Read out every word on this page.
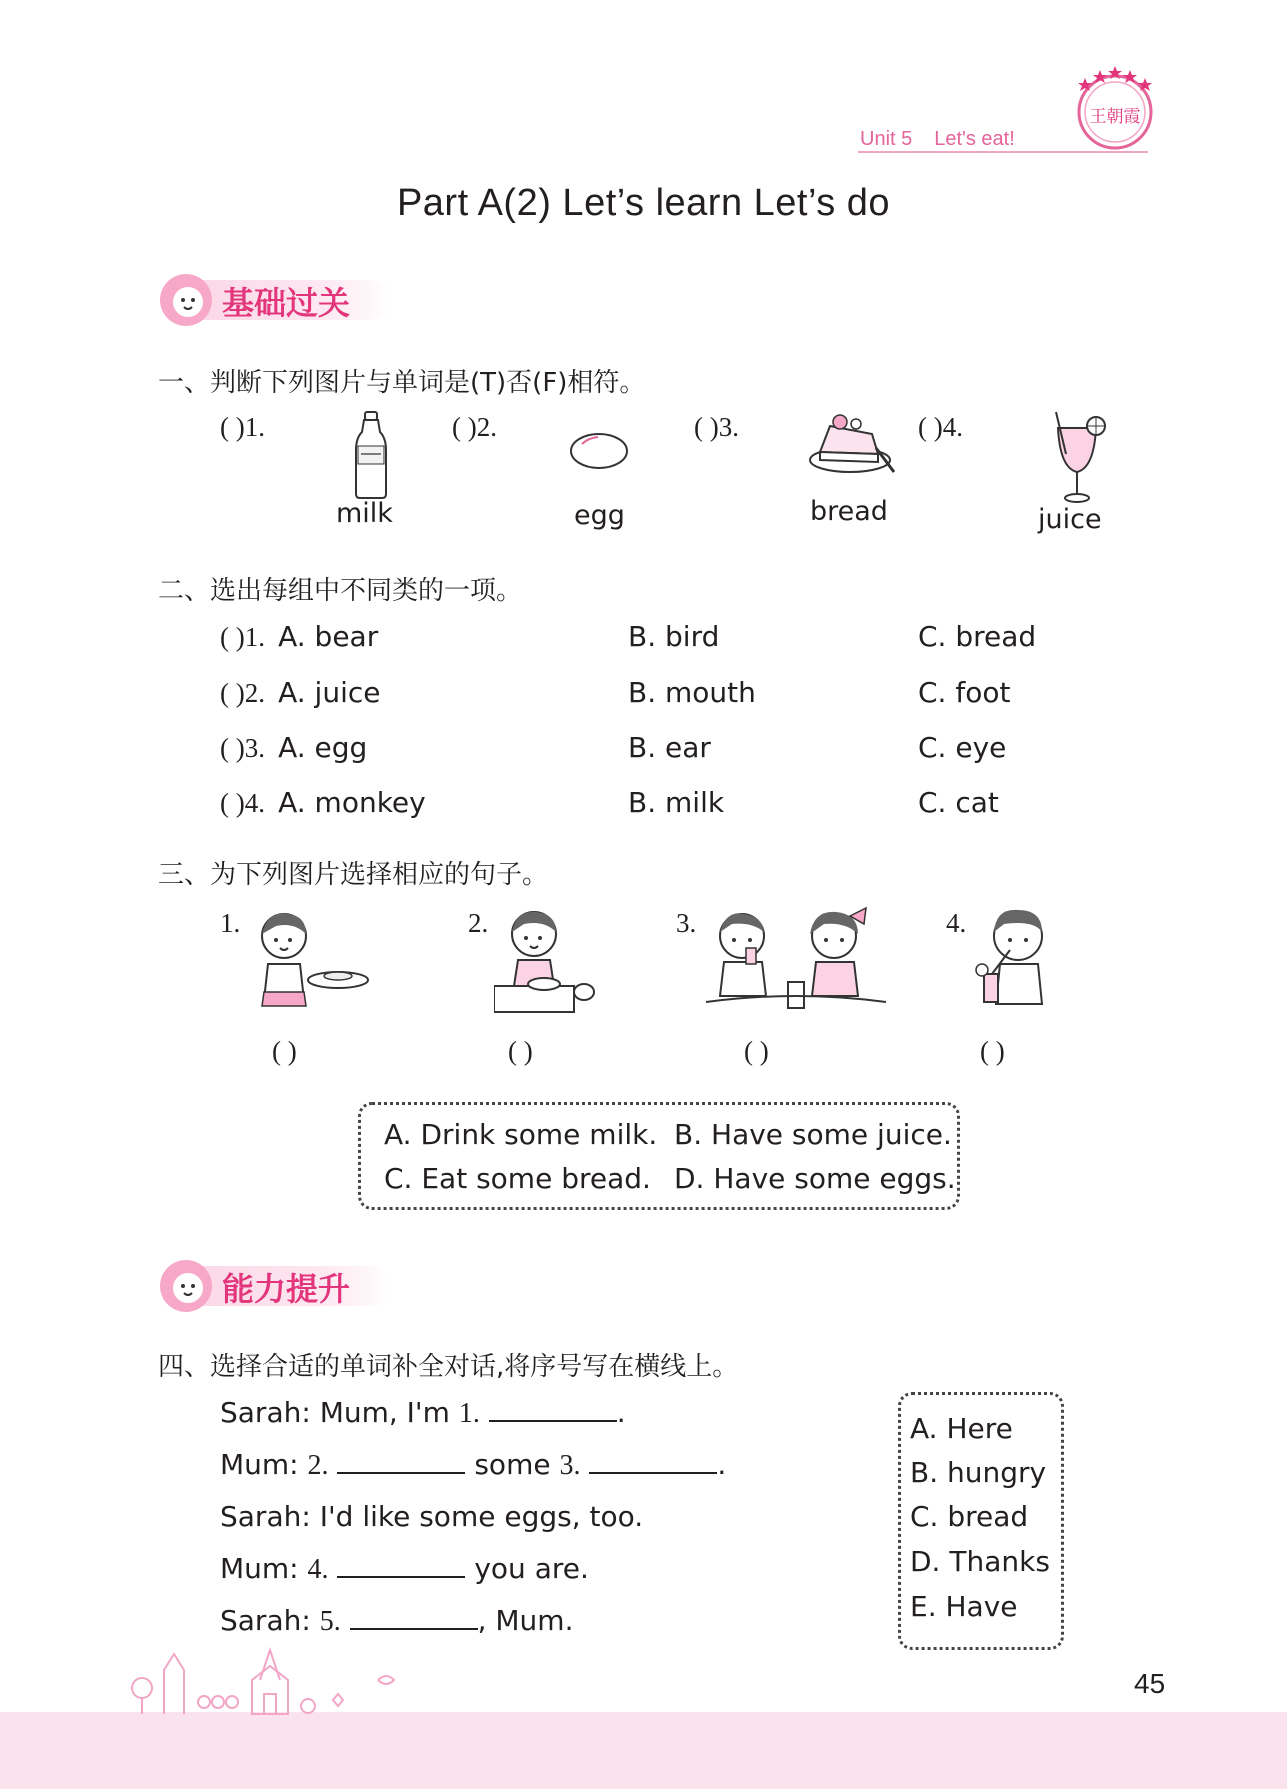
Unit 5 Let's eat!
王朝霞
Part A(2) Let’s learn Let’s do
基础过关
一、判断下列图片与单词是(T)否(F)相符。
( )1.
milk
( )2.
egg
( )3.
bread
( )4.
juice
二、选出每组中不同类的一项。
( )1. A. bear	B. bird	C. bread
( )2. A. juice	B. mouth	C. foot
( )3. A. egg	B. ear	C. eye
( )4. A. monkey	B. milk	C. cat
三、为下列图片选择相应的句子。
1.
( )
2.
( )
3.
( )
4.
( )
A. Drink some milk. B. Have some juice.
C. Eat some bread. D. Have some eggs.
能力提升
四、选择合适的单词补全对话,将序号写在横线上。
Sarah: Mum, I'm 1.	.
Mum: 2.	some 3.	.
Sarah: I'd like some eggs, too.
Mum: 4.	you are.
Sarah: 5.	, Mum.
A. Here
B. hungry
C. bread
D. Thanks
E. Have
45
